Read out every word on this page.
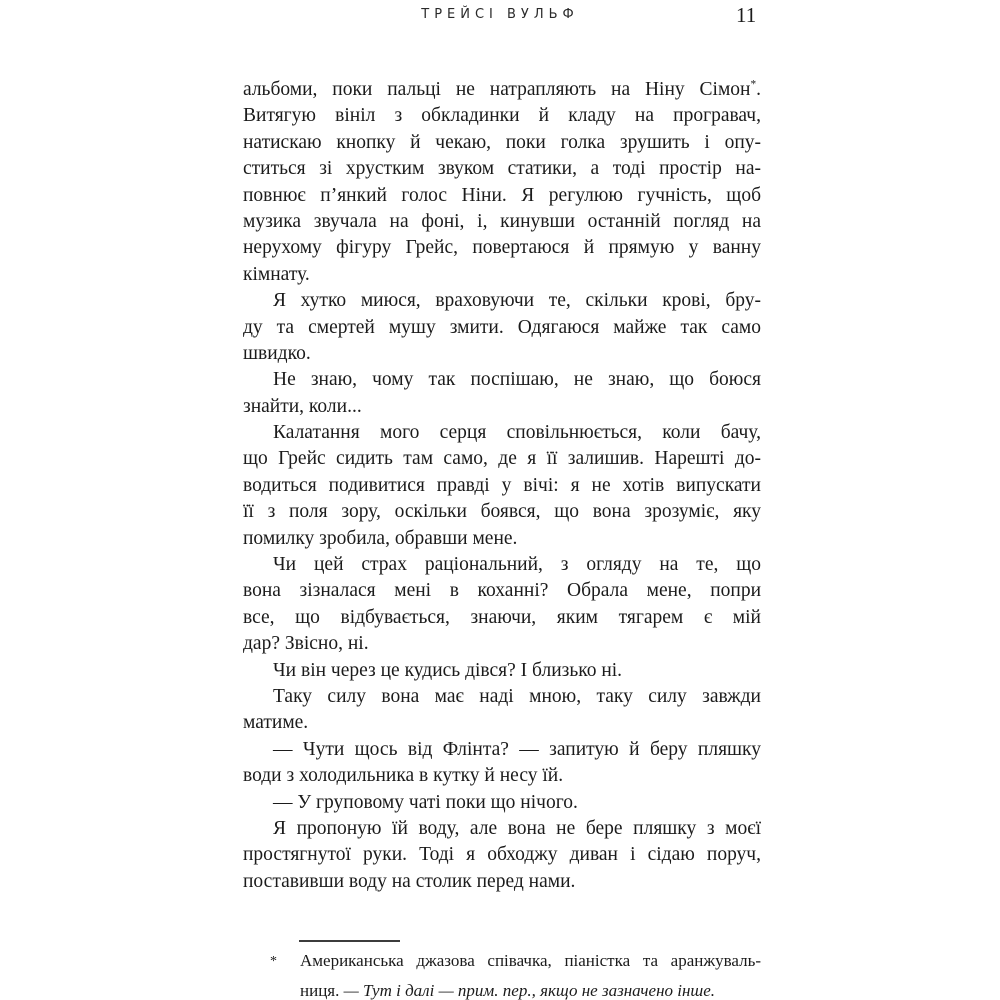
ТРЕЙСІ ВУЛЬФ	11
альбоми, поки пальці не натрапляють на Ніну Сімон*.
Витягую вініл з обкладинки й кладу на програвач,
натискаю кнопку й чекаю, поки голка зрушить і опу-
ститься зі хрустким звуком статики, а тоді простір на-
повнює п’янкий голос Ніни. Я регулюю гучність, щоб
музика звучала на фоні, і, кинувши останній погляд на
нерухому фігуру Грейс, повертаюся й прямую у ванну
кімнату.
Я хутко миюся, враховуючи те, скільки крові, бру-
ду та смертей мушу змити. Одягаюся майже так само
швидко.
Не знаю, чому так поспішаю, не знаю, що боюся
знайти, коли...
Калатання мого серця сповільнюється, коли бачу,
що Грейс сидить там само, де я її залишив. Нарешті до-
водиться подивитися правді у вічі: я не хотів випускати
її з поля зору, оскільки боявся, що вона зрозуміє, яку
помилку зробила, обравши мене.
Чи цей страх раціональний, з огляду на те, що
вона зізналася мені в коханні? Обрала мене, попри
все, що відбувається, знаючи, яким тягарем є мій
дар? Звісно, ні.
Чи він через це кудись дівся? І близько ні.
Таку силу вона має наді мною, таку силу завжди
матиме.
— Чути щось від Флінта? — запитую й беру пляшку
води з холодильника в кутку й несу їй.
— У груповому чаті поки що нічого.
Я пропоную їй воду, але вона не бере пляшку з моєї
простягнутої руки. Тоді я обходжу диван і сідаю поруч,
поставивши воду на столик перед нами.
* Американська джазова співачка, піаністка та аранжуваль-
ниця. — Тут і далі — прим. пер., якщо не зазначено інше.
